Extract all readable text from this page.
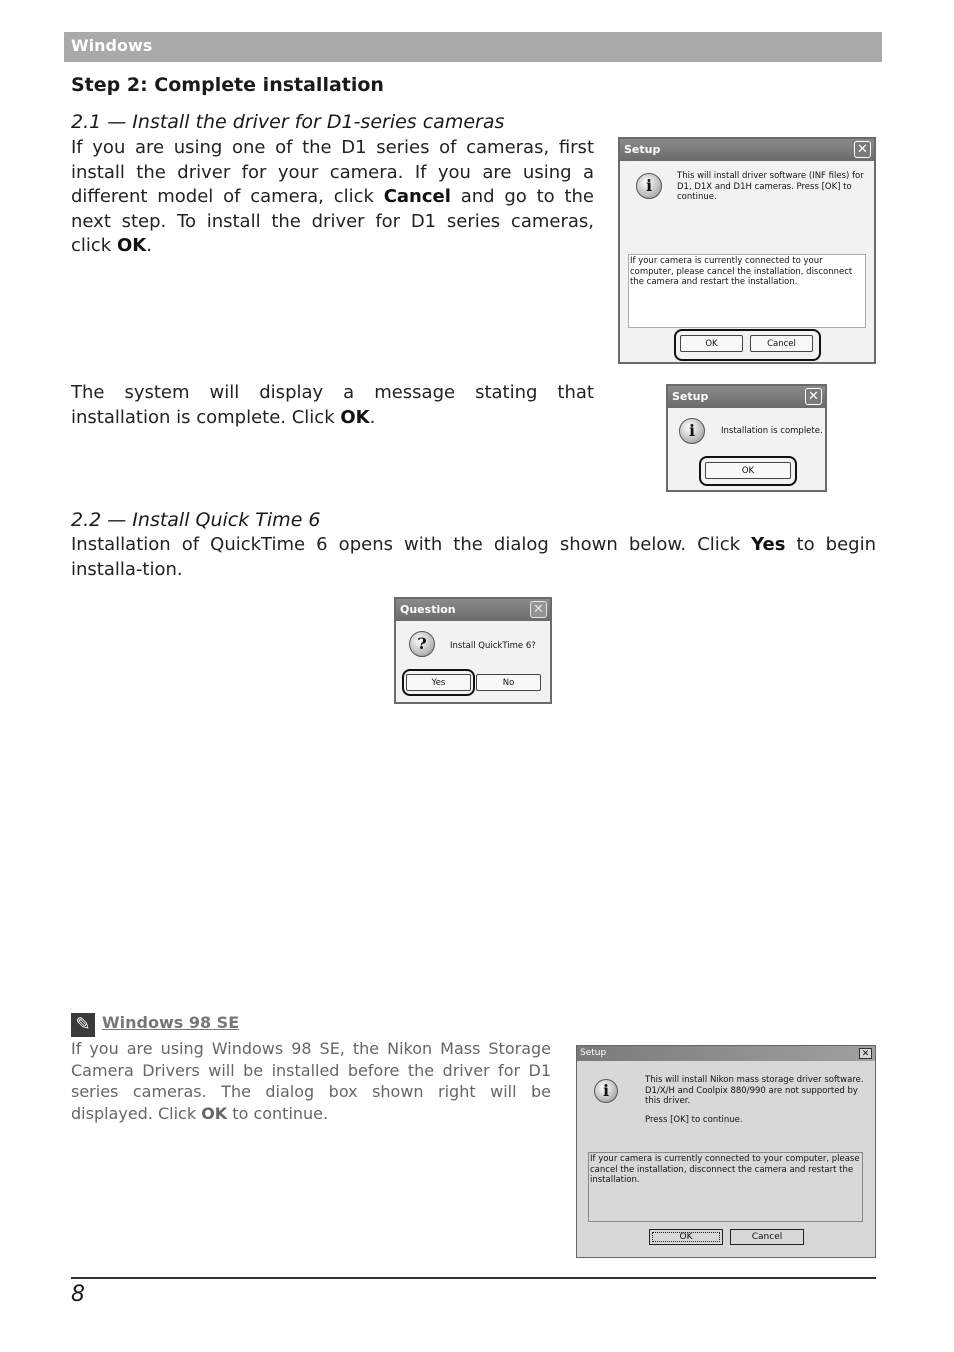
Windows
Step 2: Complete installation
2.1 — Install the driver for D1-series cameras
If you are using one of the D1 series of cameras, first install the driver for your camera. If you are using a different model of camera, click Cancel and go to the next step. To install the driver for D1 series cameras, click OK.
Setup	✕
i	This will install driver software (INF files) for D1, D1X and D1H cameras. Press [OK] to continue.
If your camera is currently connected to your computer, please cancel the installation, disconnect the camera and restart the installation.
OK	Cancel
The system will display a message stating that installation is complete. Click OK.
Setup	✕
i	Installation is complete.
OK
2.2 — Install Quick Time 6
Installation of QuickTime 6 opens with the dialog shown below. Click Yes to begin installa-tion.
Question	✕
?	Install QuickTime 6?
Yes	No
✎ Windows 98 SE
If you are using Windows 98 SE, the Nikon Mass Storage Camera Drivers will be installed before the driver for D1 series cameras. The dialog box shown right will be displayed. Click OK to continue.
Setup	✕
i
This will install Nikon mass storage driver software. D1/X/H and Coolpix 880/990 are not supported by this driver.
Press [OK] to continue.
If your camera is currently connected to your computer, please cancel the installation, disconnect the camera and restart the installation.
OK	Cancel
8
